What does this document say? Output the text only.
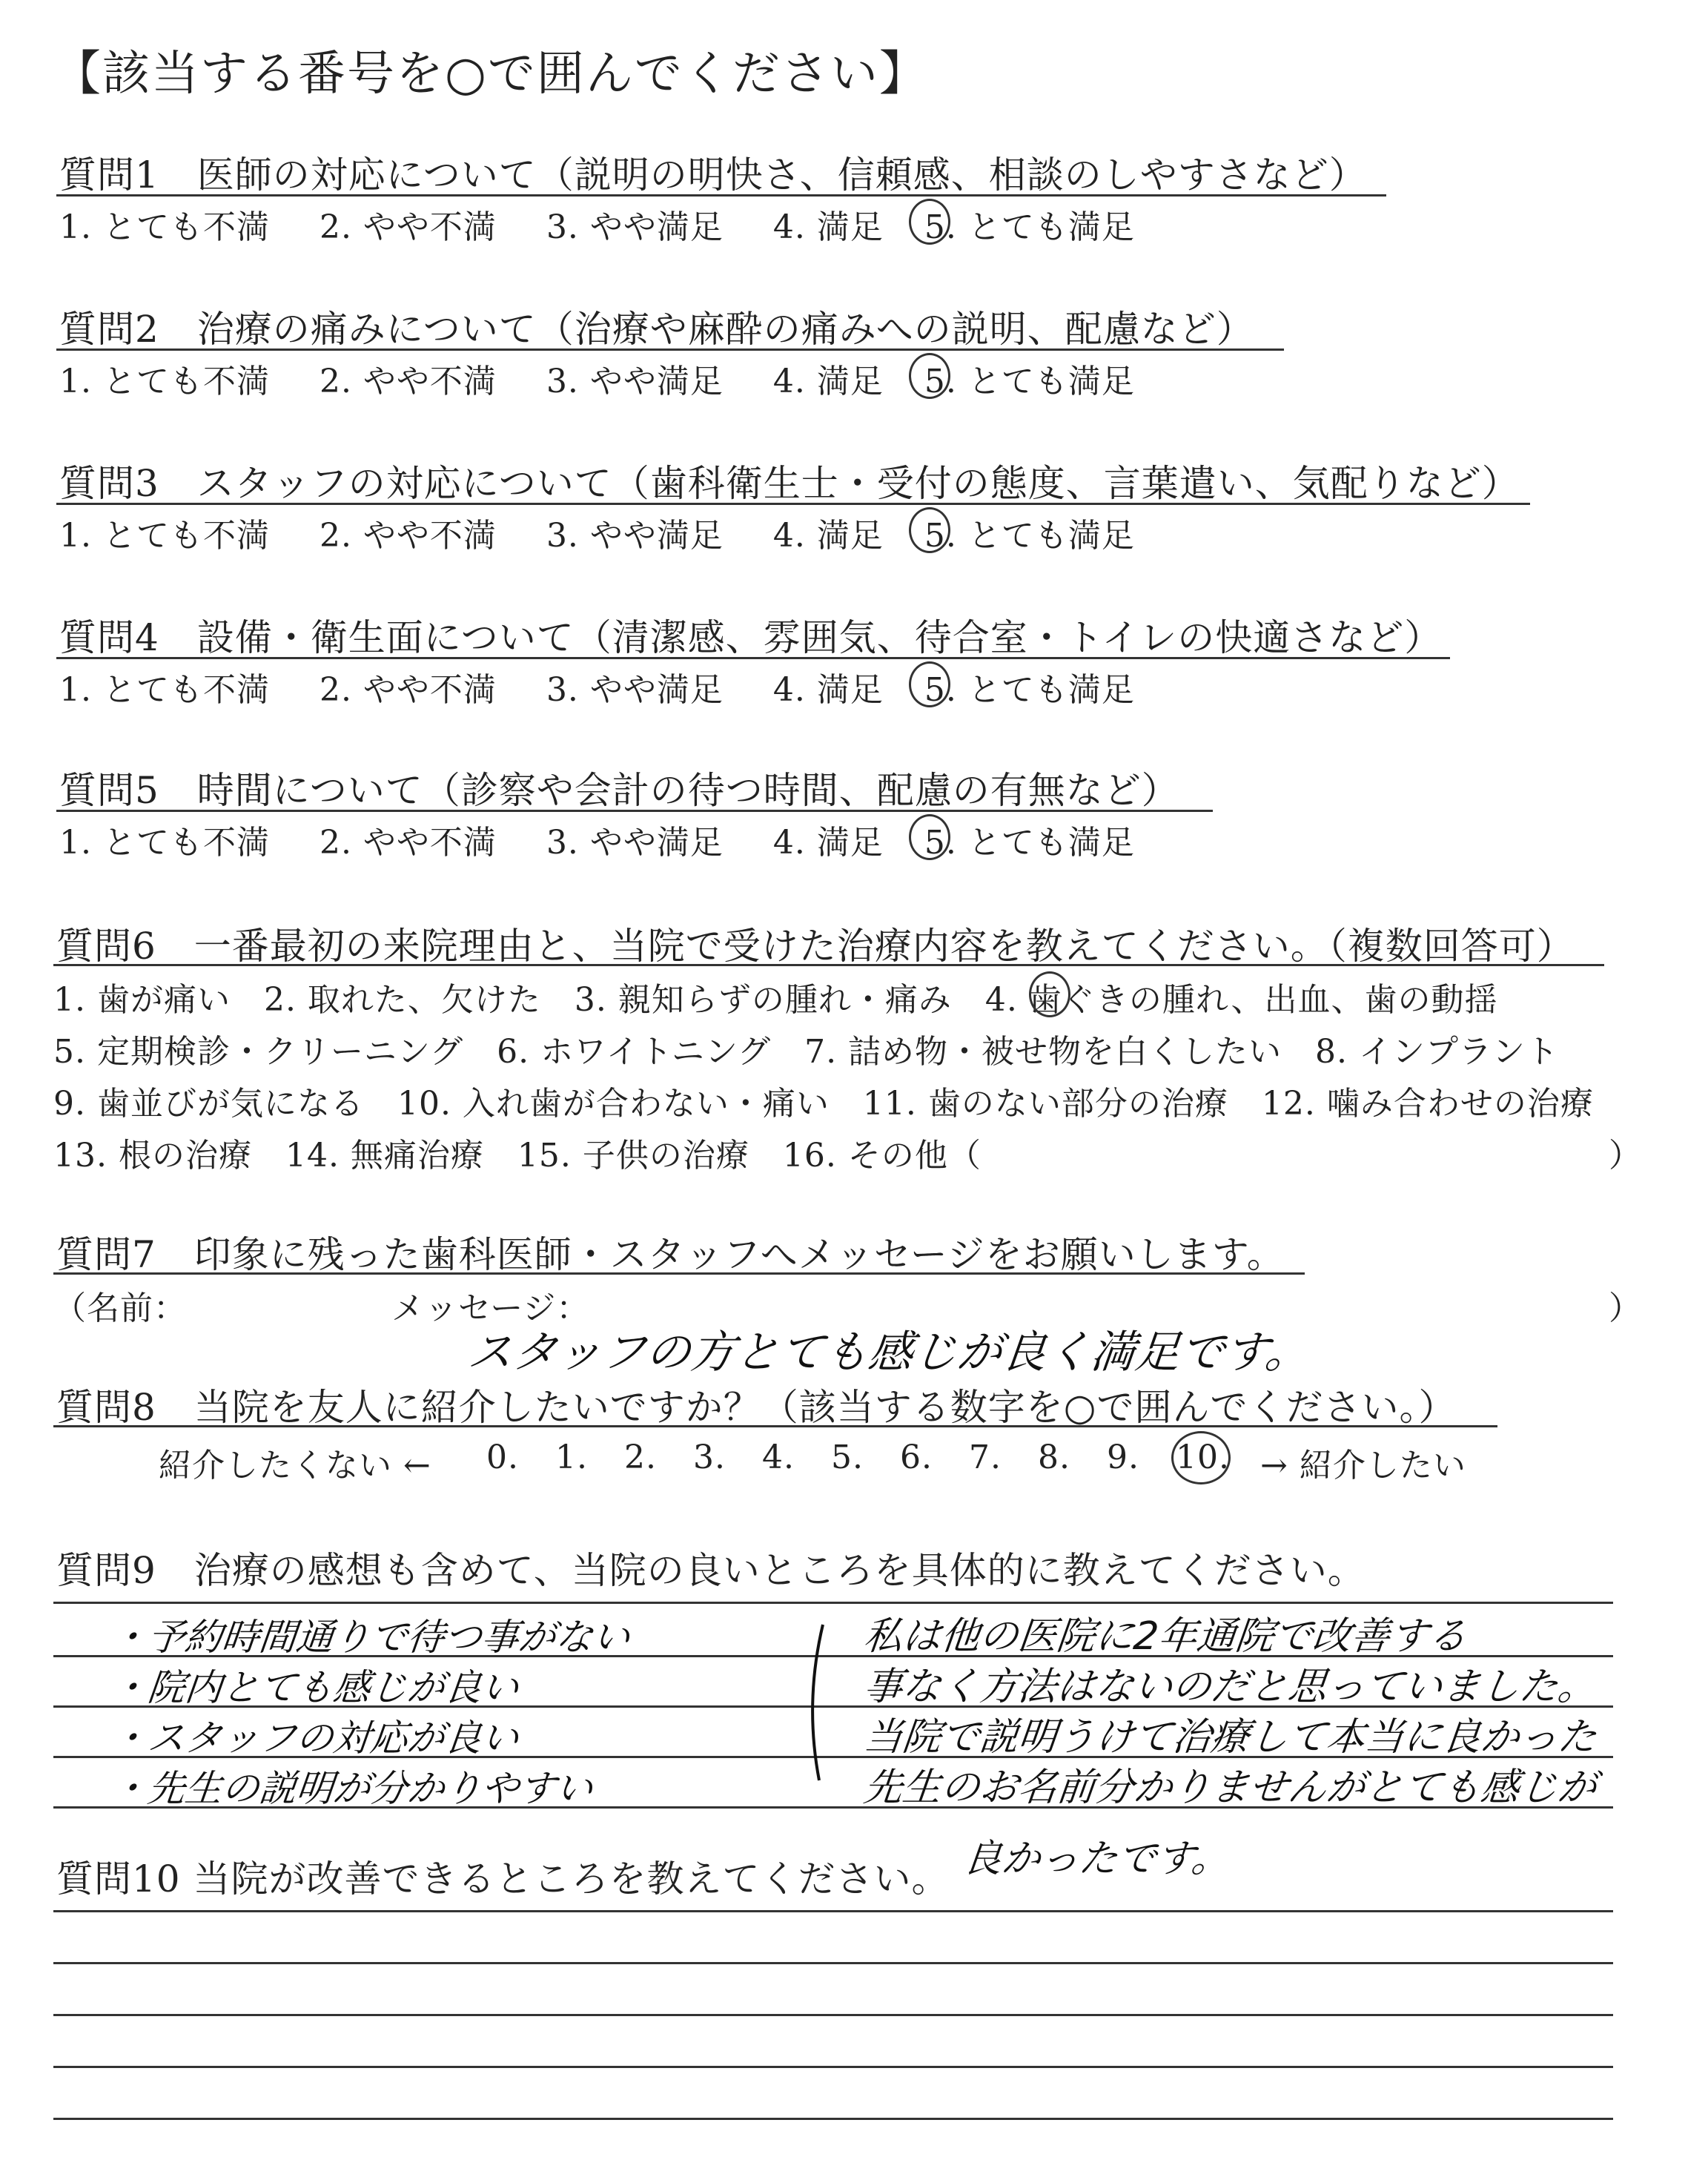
【該当する番号を○で囲んでください】
質問1　医師の対応について（説明の明快さ、信頼感、相談のしやすさなど）
1. とても不満 2. やや不満 3. やや満足 4. 満足 5. とても満足
質問2　治療の痛みについて（治療や麻酔の痛みへの説明、配慮など）
1. とても不満 2. やや不満 3. やや満足 4. 満足 5. とても満足
質問3　スタッフの対応について（歯科衛生士・受付の態度、言葉遣い、気配りなど）
1. とても不満 2. やや不満 3. やや満足 4. 満足 5. とても満足
質問4　設備・衛生面について（清潔感、雰囲気、待合室・トイレの快適さなど）
1. とても不満 2. やや不満 3. やや満足 4. 満足 5. とても満足
質問5　時間について（診察や会計の待つ時間、配慮の有無など）
1. とても不満 2. やや不満 3. やや満足 4. 満足 5. とても満足
質問6　一番最初の来院理由と、当院で受けた治療内容を教えてください。（複数回答可）
1. 歯が痛い　2. 取れた、欠けた　3. 親知らずの腫れ・痛み　4. 歯ぐきの腫れ、出血、歯の動揺
5. 定期検診・クリーニング　6. ホワイトニング　7. 詰め物・被せ物を白くしたい　8. インプラント
9. 歯並びが気になる　10. 入れ歯が合わない・痛い　11. 歯のない部分の治療　12. 噛み合わせの治療
13. 根の治療　14. 無痛治療　15. 子供の治療　16. その他（	）
質問7　印象に残った歯科医師・スタッフへメッセージをお願いします。
（名前：	メッセージ：	）
スタッフの方とても感じが良く満足です。
質問8　当院を友人に紹介したいですか？（該当する数字を○で囲んでください。）
紹介したくない ← 0. 1. 2. 3. 4. 5. 6. 7. 8. 9. 10. → 紹介したい
質問9　治療の感想も含めて、当院の良いところを具体的に教えてください。
・予約時間通りで待つ事がない
・院内とても感じが良い
・スタッフの対応が良い
・先生の説明が分かりやすい
私は他の医院に2年通院で改善する
事なく方法はないのだと思っていました。
当院で説明うけて治療して本当に良かった
先生のお名前分かりませんがとても感じが
良かったです。
質問10 当院が改善できるところを教えてください。
